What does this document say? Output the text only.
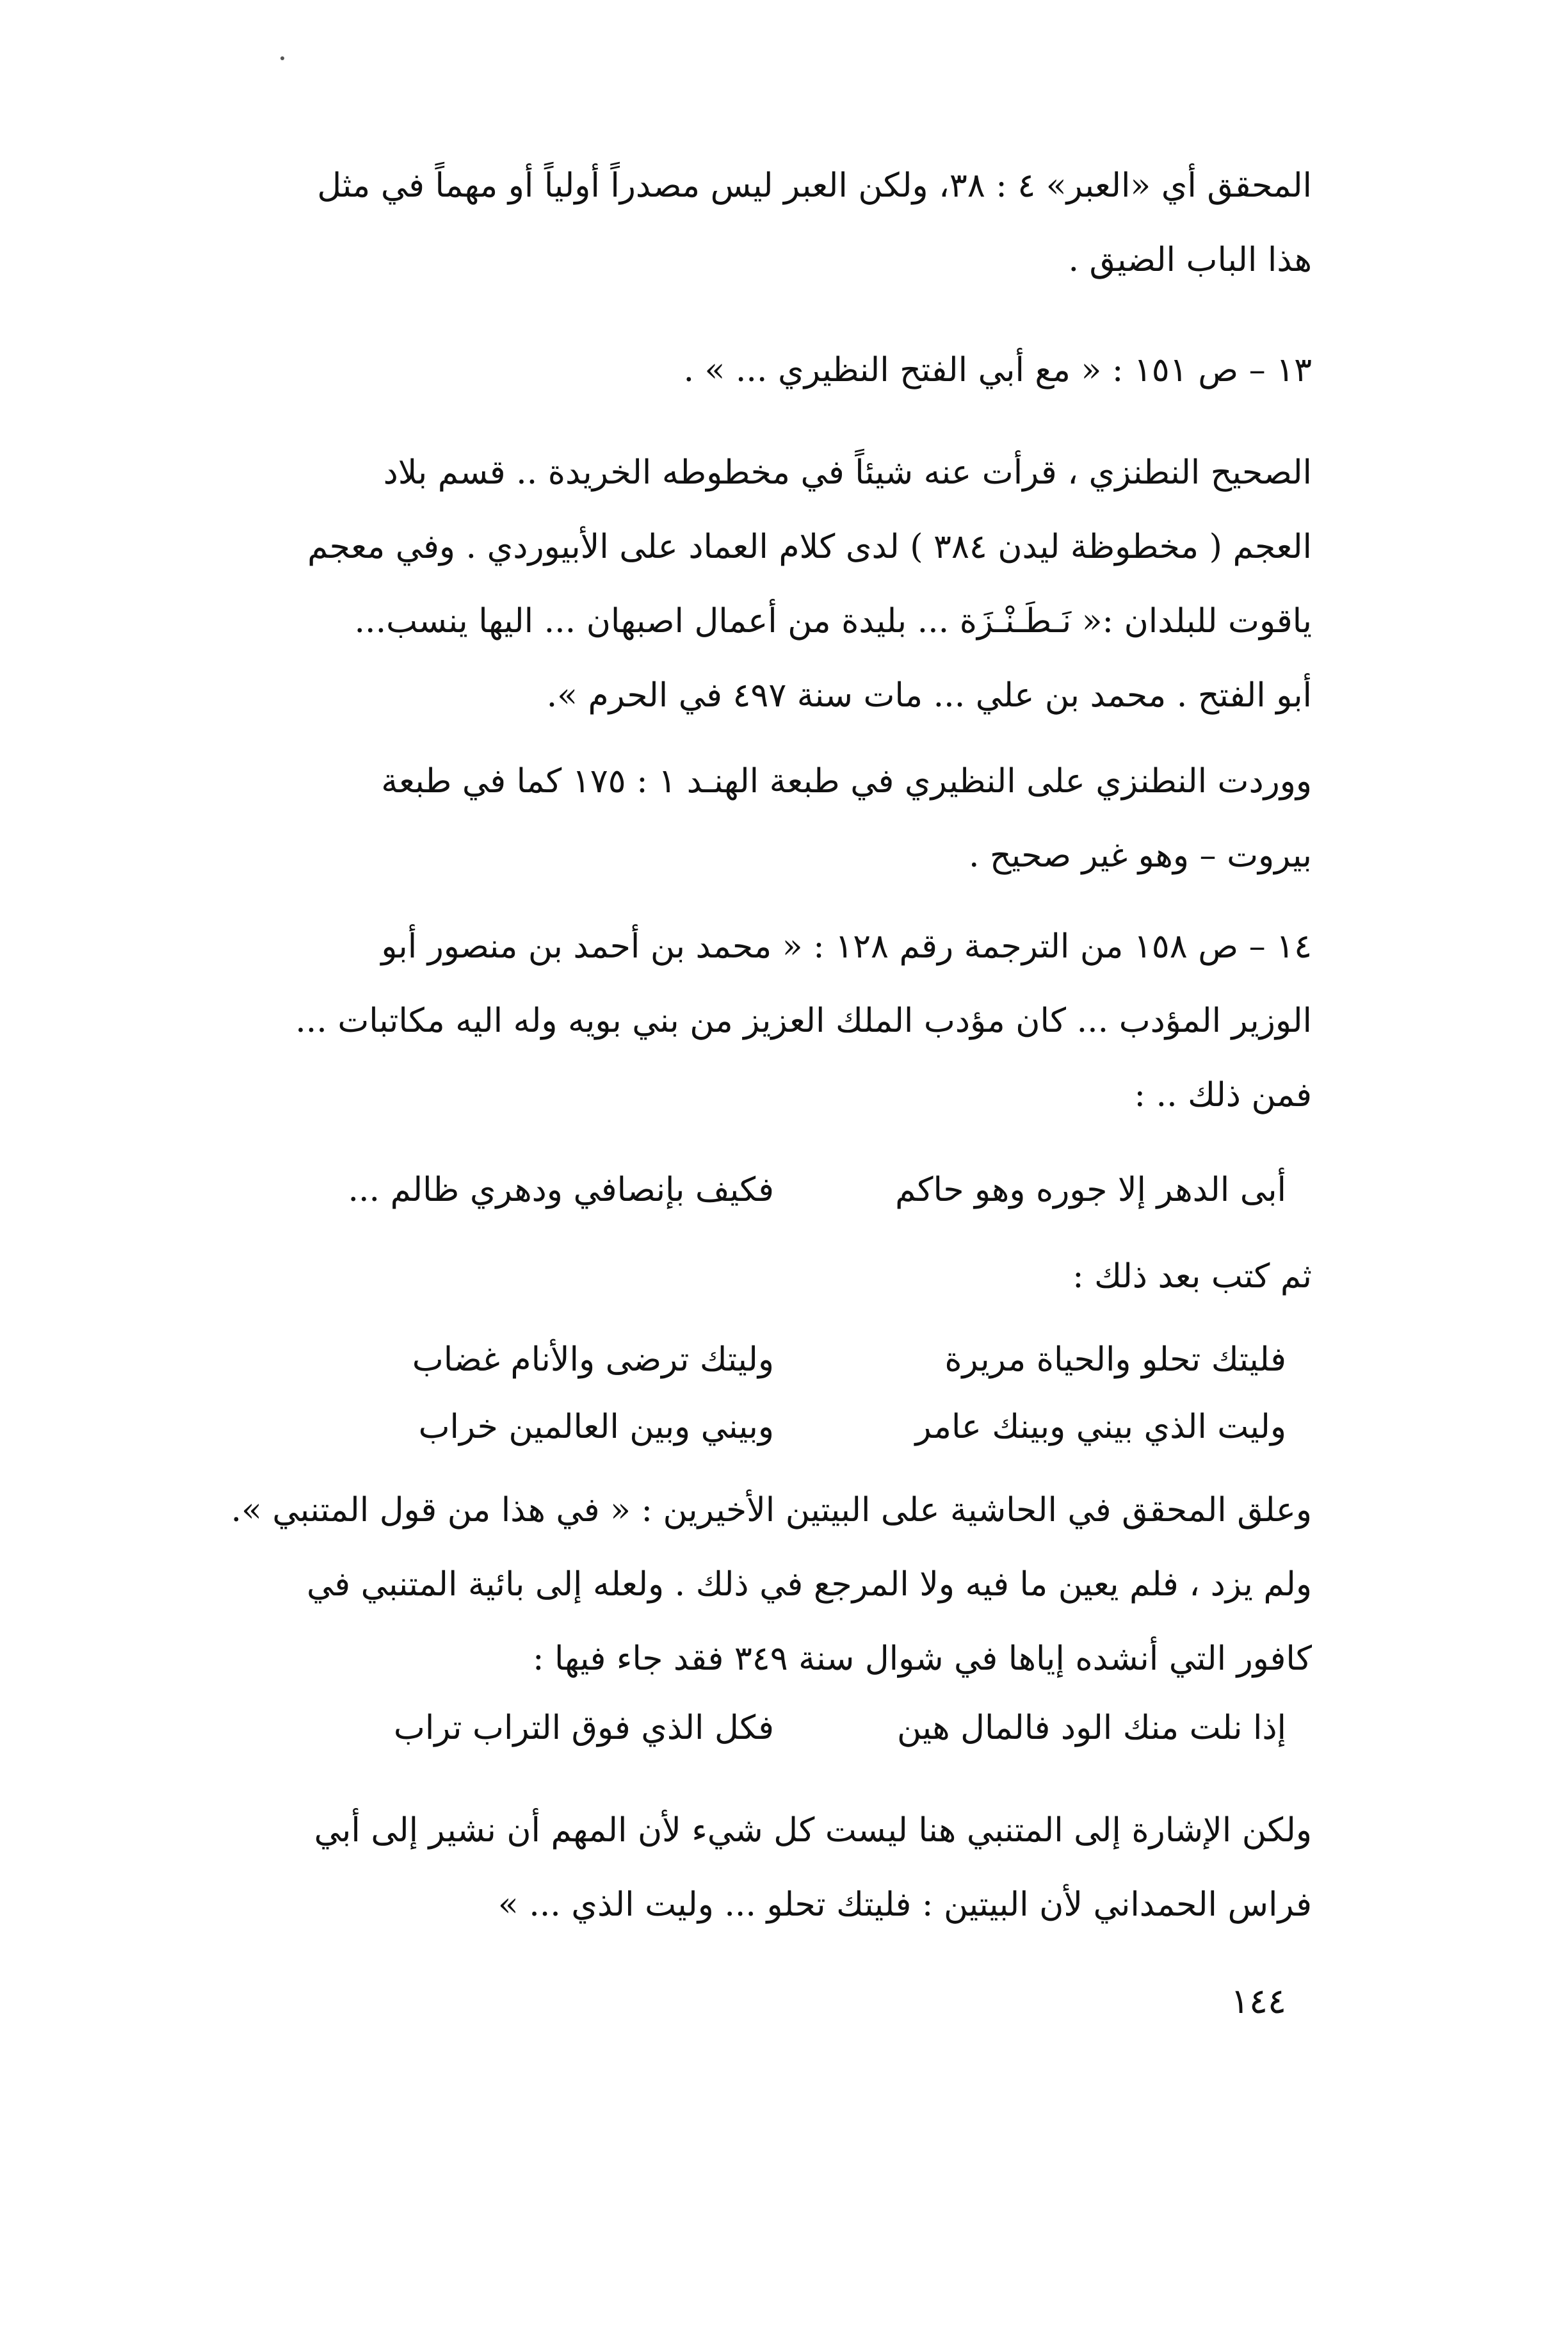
المحقق أي «العبر» ٤ : ٣٨، ولكن العبر ليس مصدراً أولياً أو مهماً في مثل
هذا الباب الضيق .
١٣ – ص ١٥١ : « مع أبي الفتح النظيري ... » .
الصحيح النطنزي ، قرأت عنه شيئاً في مخطوطه الخريدة .. قسم بلاد
العجم ( مخطوظة ليدن ٣٨٤ ) لدى كلام العماد على الأبيوردي . وفي معجم
ياقوت للبلدان :« نَـطَـنْـزَة ... بليدة من أعمال اصبهان ... اليها ينسب...
أبو الفتح . محمد بن علي ... مات سنة ٤٩٧ في الحرم ».
ووردت النطنزي على النظيري في طبعة الهنـد ١ : ١٧٥ كما في طبعة
بيروت – وهو غير صحيح .
١٤ – ص ١٥٨ من الترجمة رقم ١٢٨ : « محمد بن أحمد بن منصور أبو
الوزير المؤدب ... كان مؤدب الملك العزيز من بني بويه وله اليه مكاتبات ...
فمن ذلك .. :
أبى الدهر إلا جوره وهو حاكم
فكيف بإنصافي ودهري ظالم ...
ثم كتب بعد ذلك :
فليتك تحلو والحياة مريرة
وليتك ترضى والأنام غضاب
وليت الذي بيني وبينك عامر
وبيني وبين العالمين خراب
وعلق المحقق في الحاشية على البيتين الأخيرين : « في هذا من قول المتنبي ».
ولم يزد ، فلم يعين ما فيه ولا المرجع في ذلك . ولعله إلى بائية المتنبي في
كافور التي أنشده إياها في شوال سنة ٣٤٩ فقد جاء فيها :
إذا نلت منك الود فالمال هين
فكل الذي فوق التراب تراب
ولكن الإشارة إلى المتنبي هنا ليست كل شيء لأن المهم أن نشير إلى أبي
فراس الحمداني لأن البيتين : فليتك تحلو ... وليت الذي ... »
١٤٤
